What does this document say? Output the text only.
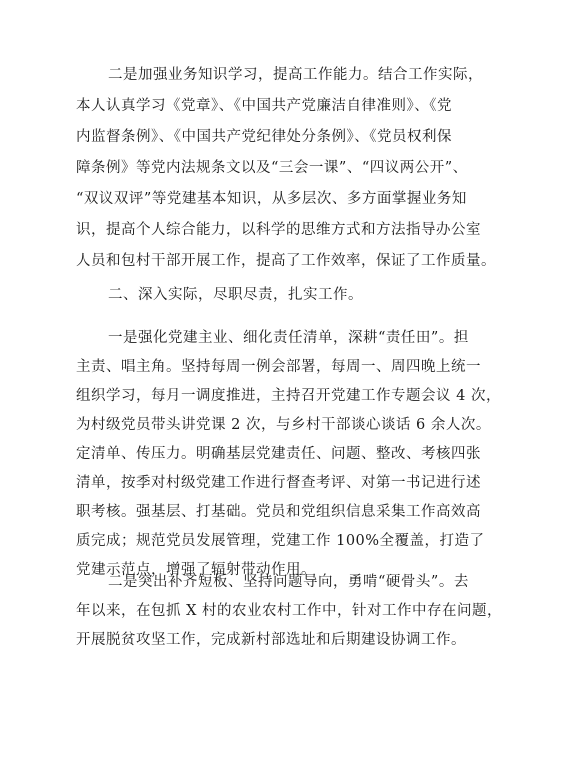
二是加强业务知识学习，提高工作能力。结合工作实际，
本人认真学习《党章》、《中国共产党廉洁自律准则》、《党
内监督条例》、《中国共产党纪律处分条例》、《党员权利保
障条例》等党内法规条文以及“三会一课”、“四议两公开”、
“双议双评”等党建基本知识，从多层次、多方面掌握业务知
识，提高个人综合能力，以科学的思维方式和方法指导办公室
人员和包村干部开展工作，提高了工作效率，保证了工作质量。
二、深入实际，尽职尽责，扎实工作。
一是强化党建主业、细化责任清单，深耕“责任田”。担
主责、唱主角。坚持每周一例会部署，每周一、周四晚上统一
组织学习，每月一调度推进，主持召开党建工作专题会议 4 次，
为村级党员带头讲党课 2 次，与乡村干部谈心谈话 6 余人次。
定清单、传压力。明确基层党建责任、问题、整改、考核四张
清单，按季对村级党建工作进行督查考评、对第一书记进行述
职考核。强基层、打基础。党员和党组织信息采集工作高效高
质完成；规范党员发展管理，党建工作 100%全覆盖，打造了
党建示范点，增强了辐射带动作用。
二是突出补齐短板、坚持问题导向，勇啃“硬骨头”。去
年以来，在包抓 X 村的农业农村工作中，针对工作中存在问题，
开展脱贫攻坚工作，完成新村部选址和后期建设协调工作。
